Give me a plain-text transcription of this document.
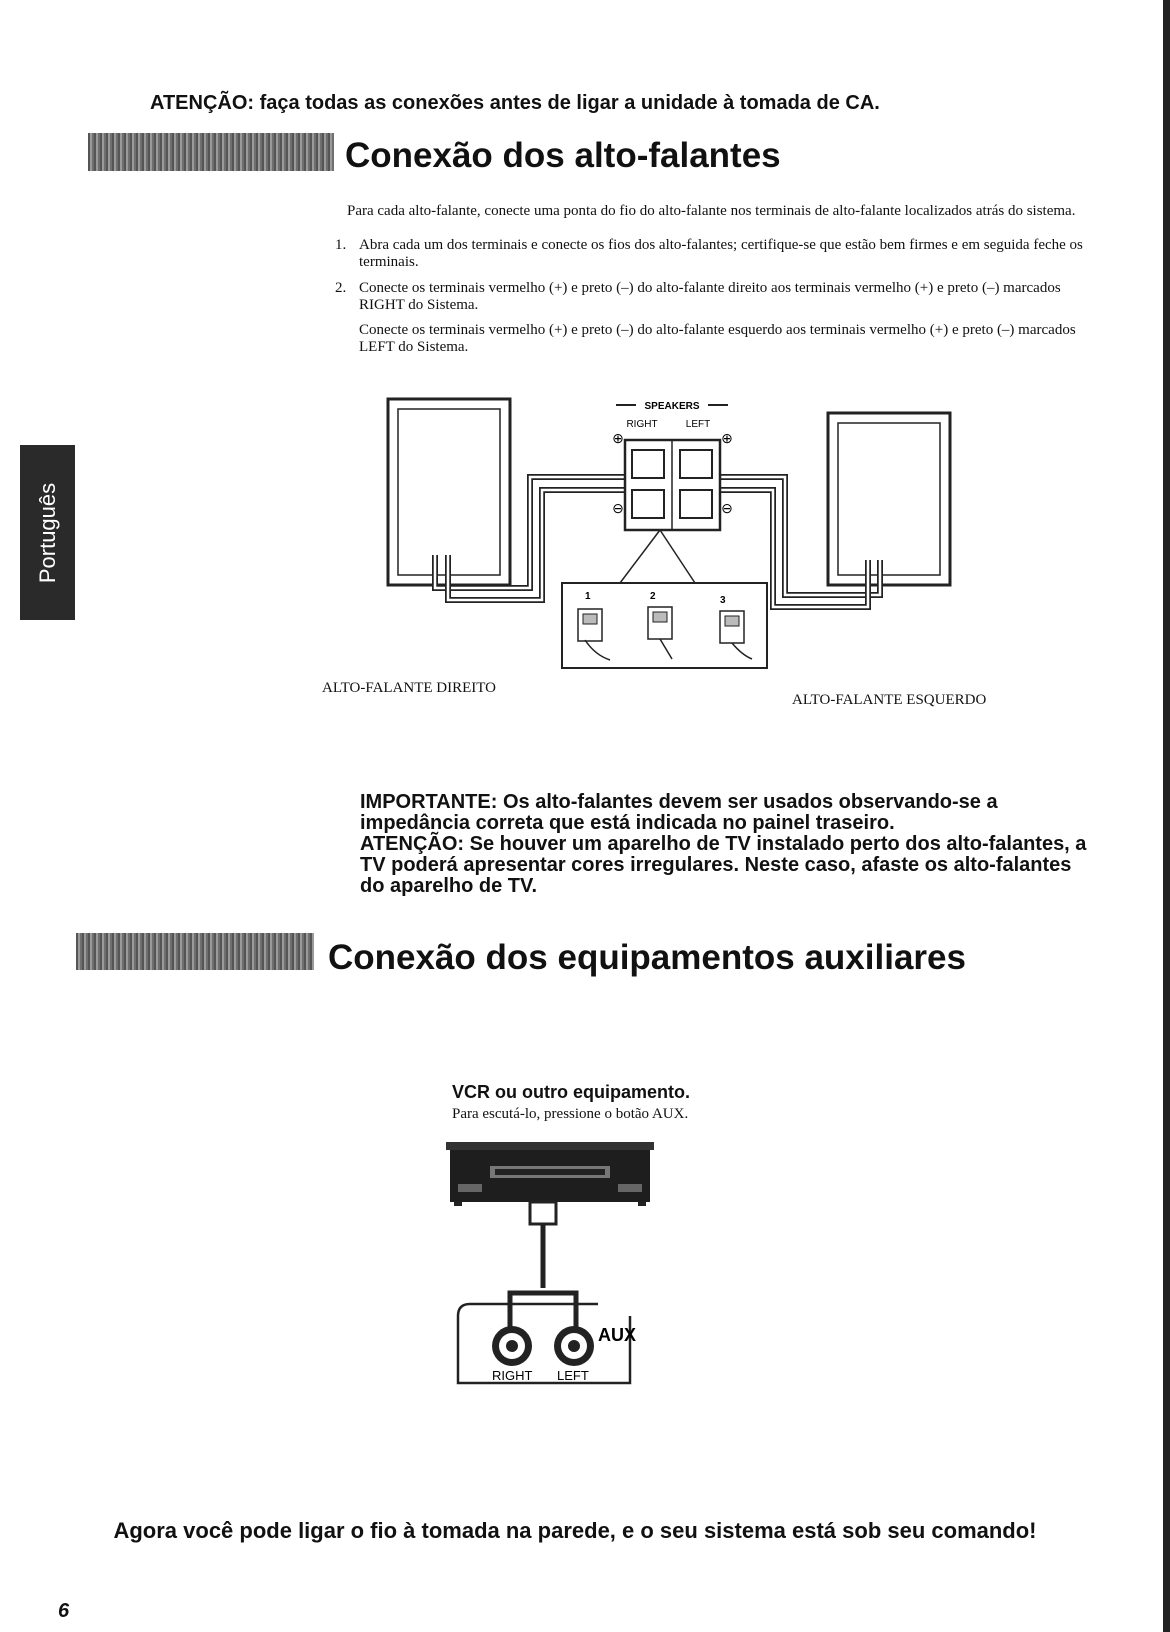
ATENÇÃO: faça todas as conexões antes de ligar a unidade à tomada de CA.
Conexão dos alto-falantes
Para cada alto-falante, conecte uma ponta do fio do alto-falante nos terminais de alto-falante localizados atrás do sistema.
1. Abra cada um dos terminais e conecte os fios dos alto-falantes; certifique-se que estão bem firmes e em seguida feche os terminais.
2. Conecte os terminais vermelho (+) e preto (–) do alto-falante direito aos terminais vermelho (+) e preto (–) marcados RIGHT do Sistema.
Conecte os terminais vermelho (+) e preto (–) do alto-falante esquerdo aos terminais vermelho (+) e preto (–) marcados LEFT do Sistema.
Português
SPEAKERS
RIGHT	LEFT
⊕	⊕
⊖	⊖
1	2	3
ALTO-FALANTE DIREITO
ALTO-FALANTE ESQUERDO
IMPORTANTE: Os alto-falantes devem ser usados observando-se a impedância correta que está indicada no painel traseiro.
ATENÇÃO: Se houver um aparelho de TV instalado perto dos alto-falantes, a TV poderá apresentar cores irregulares. Neste caso, afaste os alto-falantes do aparelho de TV.
Conexão dos equipamentos auxiliares
VCR ou outro equipamento.
Para escutá-lo, pressione o botão AUX.
AUX
RIGHT LEFT
Agora você pode ligar o fio à tomada na parede, e o seu sistema está sob seu comando!
6
